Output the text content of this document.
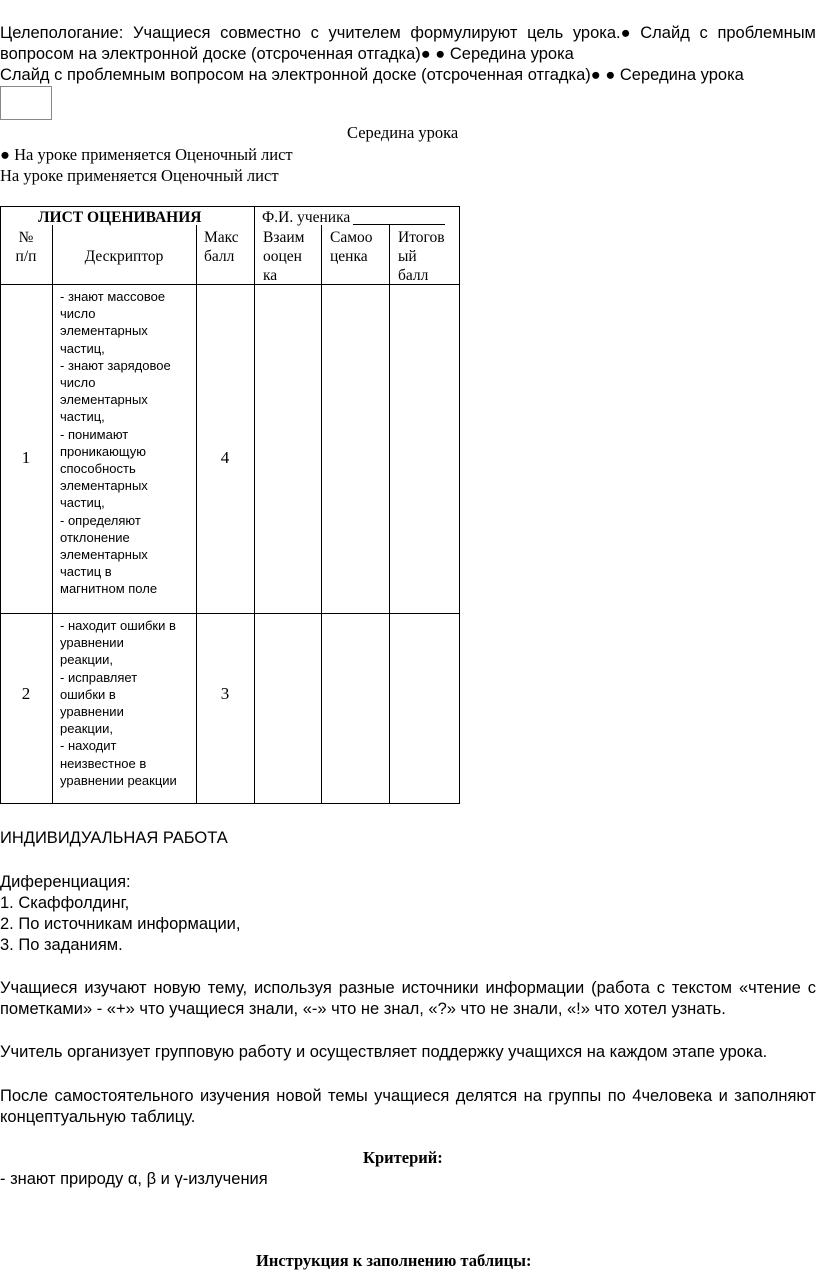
Целепологание: Учащиеся совместно с учителем формулируют цель урока.● Слайд с проблемным
вопросом на электронной доске (отсроченная отгадка)● ● Середина урока
Слайд с проблемным вопросом на электронной доске (отсроченная отгадка)● ● Середина урока
Середина урока
● На уроке применяется Оценочный лист
На уроке применяется Оценочный лист
ЛИСТ ОЦЕНИВАНИЯ	Ф.И. ученика
№
п/п	Дескриптор
Макс
балл
Взаим
ооцен
ка
Самоо
ценка
Итогов
ый
балл
1
- знают массовое
число
элементарных
частиц,
- знают зарядовое
число
элементарных
частиц,
- понимают
проникающую
способность
элементарных
частиц,
- определяют
отклонение
элементарных
частиц в
магнитном поле
4
2
- находит ошибки в
уравнении
реакции,
- исправляет
ошибки в
уравнении
реакции,
- находит
неизвестное в
уравнении реакции
3
ИНДИВИДУАЛЬНАЯ РАБОТА
Диференциация:
1. Скаффолдинг,
2. По источникам информации,
3. По заданиям.
Учащиеся изучают новую тему, используя разные источники информации (работа с текстом «чтение с
пометками» - «+» что учащиеся знали, «-» что не знал, «?» что не знали, «!» что хотел узнать.
Учитель организует групповую работу и осуществляет поддержку учащихся на каждом этапе урока.
После самостоятельного изучения новой темы учащиеся делятся на группы по 4человека и заполняют
концептуальную таблицу.
Критерий:
- знают природу α, β и γ-излучения
Инструкция к заполнению таблицы:
